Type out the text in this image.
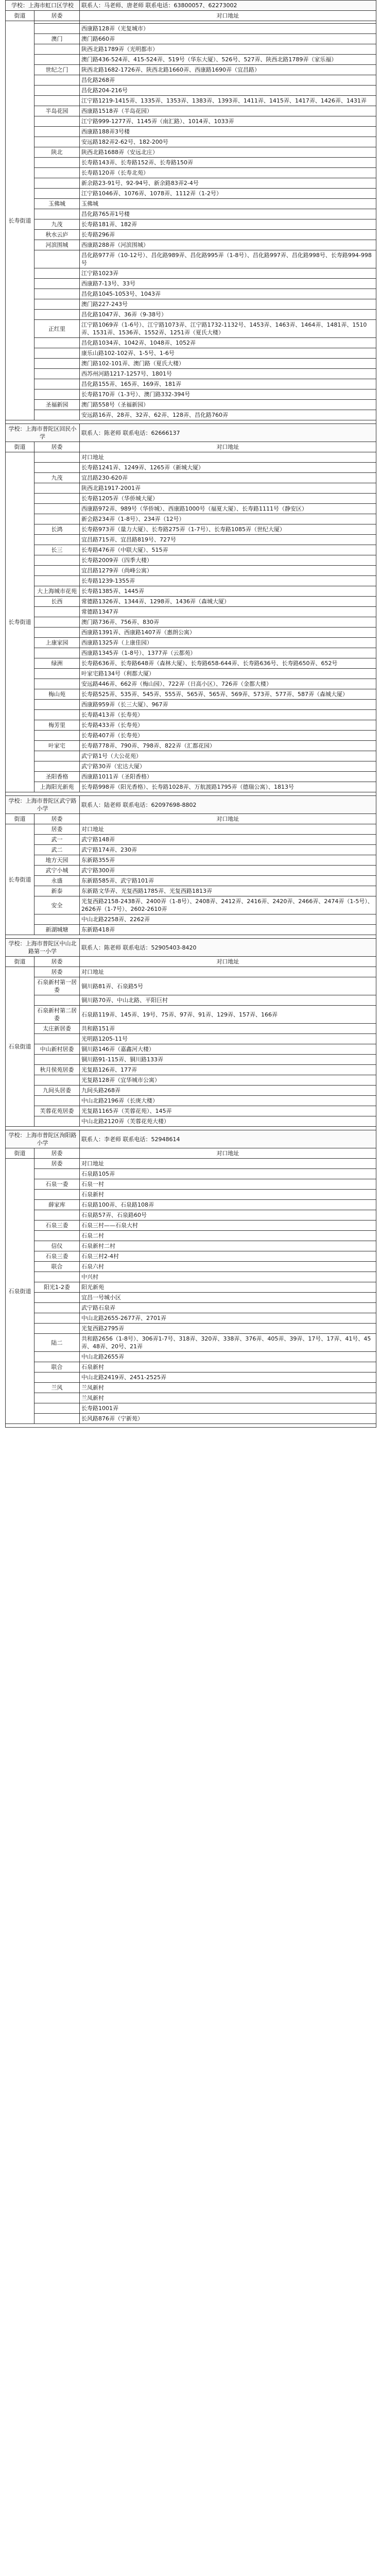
学校：上海市虹口区学校		联系人：马老师、唐老师 联系电话：63800057、62273002
街道	居委	对口地址
长寿街道		
		西康路128弄（光复城市）
	澳门	澳门路660弄
		陕西北路1789弄（光明都市）
		澳门路436-524弄、415-524弄、519号（华东大厦）、526号、527弄、陕西北路1789弄（家乐福）
	世纪之门	陕西北路1682-1726弄、陕西北路1660弄、西康路1690弄（宜昌路）
		昌化路268弄
		昌化路204-216号
		江宁路1219-1415弄、1335弄、1353弄、1383弄、1393弄、1411弄、1415弄、1417弄、1426弄、1431弄
	半岛花园	西康路1518弄（半岛花园）
		江宁路999-1277弄、1145弄（南汇路）、1014弄、1033弄
		西康路188弄3号楼
		安远路182弄2-62号、182-200号
	陕北	陕西北路1688弄（安远北庄）
		长寿路143弄、长寿路152弄、长寿路150弄
		长寿路120弄（长寿北苑）
		新余路23-91号、92-94号、新余路83弄2-4号
		江宁路1046弄、1076弄、1078弄、1112弄（1-2号）
	玉佛城	玉佛城
		昌化路765弄1号楼
	九茂	长寿路181弄、182弄
	秋水云庐	长寿路296弄
	河滨围城	西康路288弄（河滨围城）
		昌化路977弄（10-12号）、昌化路989弄、昌化路995弄（1-8号）、昌化路997弄、昌化路998号、长寿路994-998号
		江宁路1023弄
		西康路7-13号、33号
		昌化路1045-1053号、1043弄
		澳门路227-243号
		昌化路1047弄、36弄（9-38号）
	正红里	江宁路1069弄（1-6号）、江宁路1073弄、江宁路1732-1132号、1453弄、1463弄、1464弄、1481弄、1510弄、1531弄、1536弄、1552弄、1251弄（夏氏大楼）
		昌化路1034弄、1042弄、1048弄、1052弄
		康乐山路102-102弄、1-5号、1-6号
		澳门路102-101弄、澳门路（夏氏大楼）
		西苏州河路1217-1257号、1801号
		昌化路155弄、165弄、169弄、181弄
		长寿路170弄（1-3号）、澳门路332-394号
	圣福新园	澳门路558号（圣福新园）
		安远路16弄、28弄、32弄、62弄、128弄、昌化路760弄

学校：上海市普陀区回民小学		联系人：陈老师 联系电话：62666137
街道	居委	对口地址
长寿街道		对口地址
		长寿路1241弄、1249弄、1265弄（新城大厦）
	九茂	宜昌路230-620弄
		陕西北路1917-2001弄
		长寿路1205弄（华侨城大厦）
		西康路972弄、989号（华侨城）、西康路1000号（福夏大厦）、长寿路1111号（静安区）
		新会路234弄（1-8号）、234弄（12号）
	长鸿	长寿路973弄（量力大厦）、长寿路275弄（1-7号）、长寿路1085弄（世纪大厦）
		宜昌路715弄、宜昌路819号、727号
	长三	长寿路476弄（中联大厦）、515弄
		长寿路2009弄（四季大楼）
		宜昌路1279弄（尚峰公寓）
		长寿路1239-1355弄
	大上海城市花苑	长寿路1385弄、1445弄
	长西	常德路1326弄、1344弄、1298弄、1436弄（森城大厦）
		常德路1347弄
		澳门路736弄、756弄、830弄
		西康路1391弄、西康路1407弄（惠朗公寓）
	上康家园	西康路1325弄（上康佳园）
		西康路1345弄（1-8号）、1377弄（云都苑）
	绿洲	长寿路636弄、长寿路648弄（森林大厦）、长寿路658-644弄、长寿路636号、长寿路650弄、652号
		叶家宅路134号（利都大厦）
		安远路446弄、662弄（梅山园）、722弄（日高小区）、726弄（金都大楼）
	梅山苑	长寿路525弄、535弄、545弄、555弄、565弄、565弄、569弄、573弄、577弄、587弄（森城大厦）
		西康路959弄（长三大厦）、967弄
		长寿路413弄（长寿苑）
	梅芳里	长寿路433弄（长寿苑）
		长寿路407弄（长寿苑）
	叶家宅	长寿路778弄、790弄、798弄、822弄（汇都花园）
		武宁路1号（大公花苑）
		武宁路30弄（宏达大厦）
	圣阳香格	西康路1011弄（圣阳香格）
	上海阳光新苑	长寿路998弄（阳光香格）、长寿路1028弄、万航渡路1795弄（德瑞公寓）、1813号

学校：上海市普陀区武宁路小学		联系人：陆老师 联系电话：62097698-8802
街道	居委	对口地址
长寿街道	居委	对口地址
	武一	武宁路148弄
	武二	武宁路174弄、230弄
	地方天园	东新路355弄
	武宁小城	武宁路300弄
	永盛	东新路585弄、武宁路101弄
	新泰	东新路文华弄、光复西路1785弄、光复西路1813弄
	安全	光复西路2158-2438弄、2400弄（1-8号）、2408弄、2412弄、2416弄、2420弄、2466弄、2474弄（1-5号）、2626弄（1-7号）、2602-2610弄
		中山北路2258弄、2262弄
	新湖城塘	东新路418弄

学校：上海市普陀区中山北路第一小学		联系人：陈老师 联系电话：52905403-8420
街道	居委	对口地址
石泉街道	居委	对口地址
	石泉新村第一居委	铜川路81弄、石泉路5号
		铜川路70弄、中山北路、平阳巨村
	石泉新村第二居委	石泉路119弄、145弄、19号、75弄、97弄、91弄、129弄、157弄、166弄
	太庄新居委	共和路151弄
		光明路1205-11号
	中山新村居委	铜川路146弄（嘉鑫河大楼）
		铜川路91-115弄、铜川路133弄
	秋月侯苑居委	光复路126弄、177弄
		光复路128弄（宜华城市公寓）
	九间头居委	九间头路268弄
		中山北路2196弄（长庚大楼）
	芙蓉花苑居委	光复路1165弄（芙蓉花苑）、145弄
		中山北路2120弄（芙蓉花苑大楼）

学校：上海市普陀区洵阳路小学		联系人：李老师 联系电话：52948614
街道	居委	对口地址
石泉街道	居委	对口地址
		石泉路105弄
	石泉一委	石泉一村
		石泉新村
	薛家库	石泉路100弄、石泉路108弄
		石泉路57弄、石泉路60号
	石泉三委	石泉三村——石泉大村
		石泉二村
	信仪	石泉新村二村
	石泉三委	石泉三村2-4村
	联合	石泉六村
		中兴村
	阳光1-2委	阳光新苑
		宜昌一号城小区
		武宁路石泉弄
		中山北路2655-2677弄、2701弄
		光复西路2795弄
	陆二	共和路2656（1-8号）、306弄1-7号、318弄、320弄、338弄、376弄、405弄、39弄、17号、17弄、41号、45弄、48弄、20号、21弄
		中山北路2655弄
	联合	石泉新村
		中山北路2419弄、2451-2525弄
	兰风	兰凤新村
		兰凤新村
		长寿路1001弄
		长风路876弄（宁新苑）
